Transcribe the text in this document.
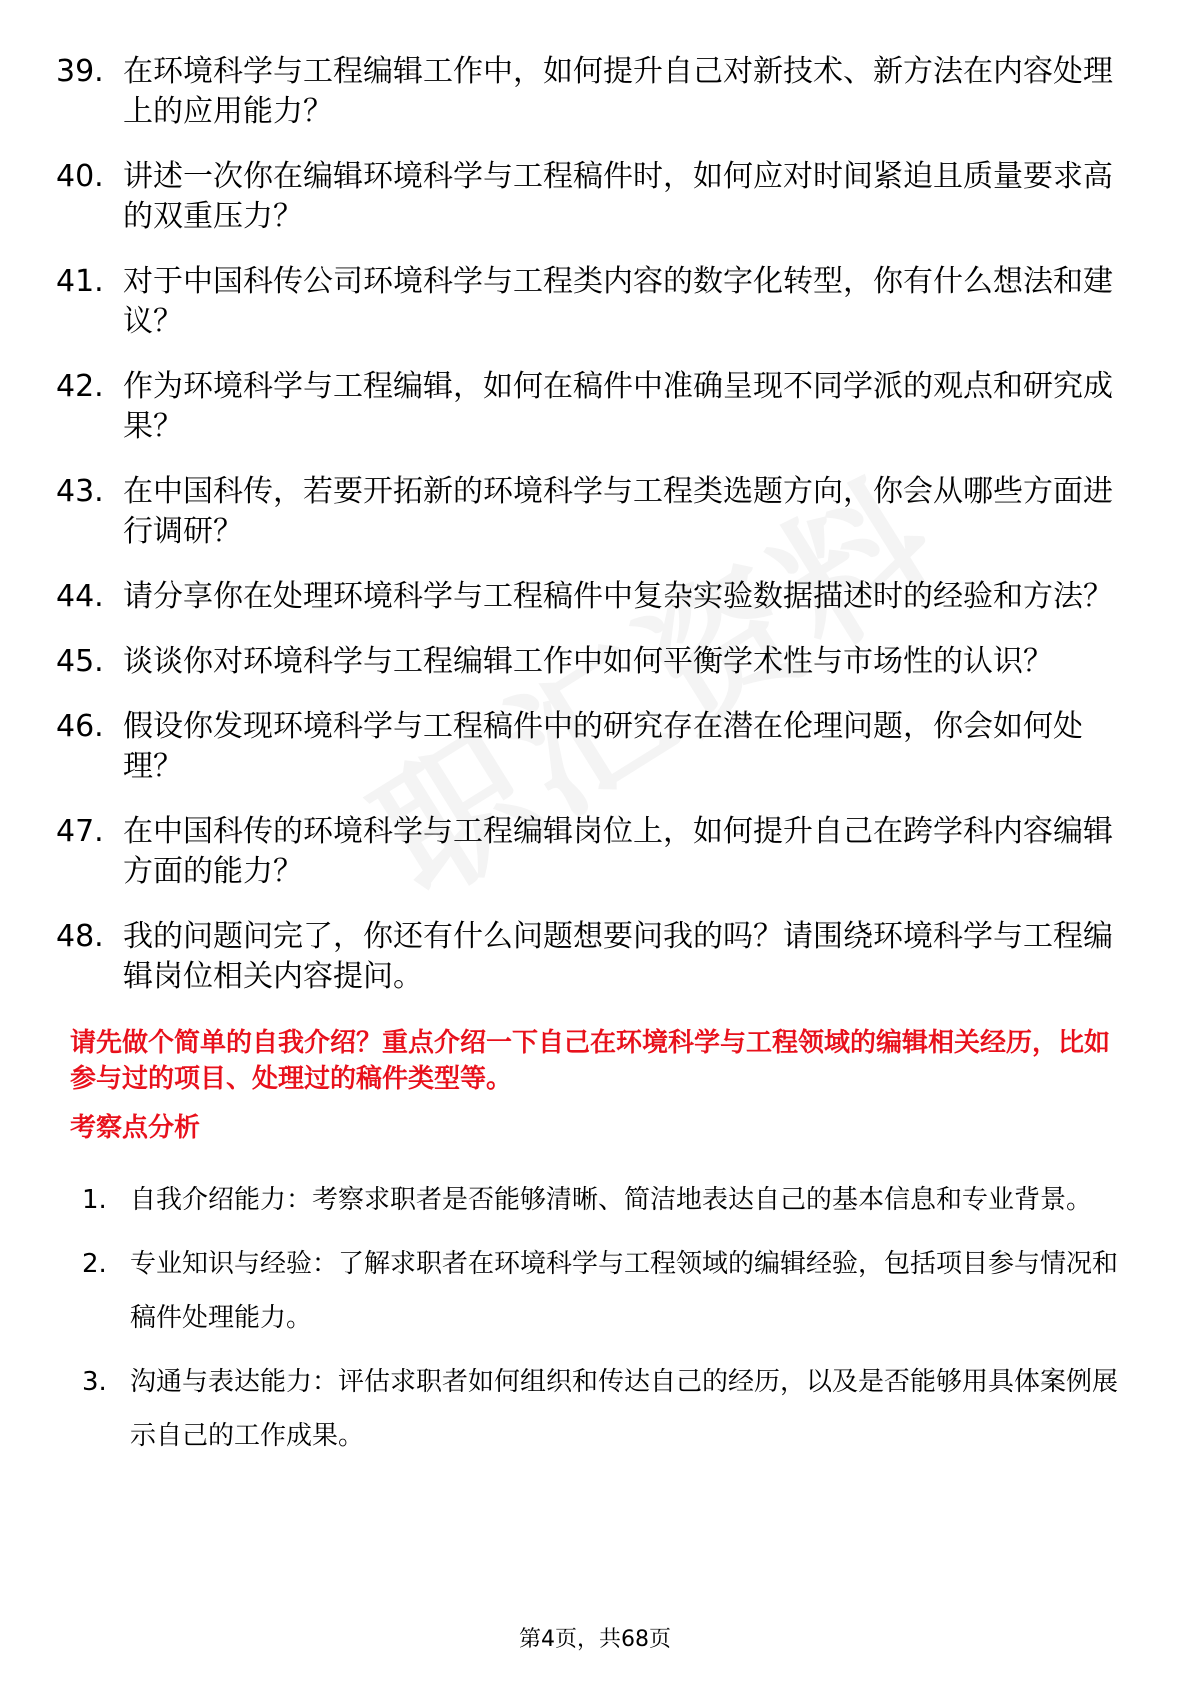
39. 在环境科学与工程编辑工作中，如何提升自己对新技术、新方法在内容处理上的应用能力？
40. 讲述一次你在编辑环境科学与工程稿件时，如何应对时间紧迫且质量要求高的双重压力？
41. 对于中国科传公司环境科学与工程类内容的数字化转型，你有什么想法和建议？
42. 作为环境科学与工程编辑，如何在稿件中准确呈现不同学派的观点和研究成果？
43. 在中国科传，若要开拓新的环境科学与工程类选题方向，你会从哪些方面进行调研？
44. 请分享你在处理环境科学与工程稿件中复杂实验数据描述时的经验和方法？
45. 谈谈你对环境科学与工程编辑工作中如何平衡学术性与市场性的认识？
46. 假设你发现环境科学与工程稿件中的研究存在潜在伦理问题，你会如何处理？
47. 在中国科传的环境科学与工程编辑岗位上，如何提升自己在跨学科内容编辑方面的能力？
48. 我的问题问完了，你还有什么问题想要问我的吗？请围绕环境科学与工程编辑岗位相关内容提问。

请先做个简单的自我介绍？重点介绍一下自己在环境科学与工程领域的编辑相关经历，比如参与过的项目、处理过的稿件类型等。

考察点分析

1. 自我介绍能力：考察求职者是否能够清晰、简洁地表达自己的基本信息和专业背景。
2. 专业知识与经验：了解求职者在环境科学与工程领域的编辑经验，包括项目参与情况和稿件处理能力。
3. 沟通与表达能力：评估求职者如何组织和传达自己的经历，以及是否能够用具体案例展示自己的工作成果。
第4页，共68页
